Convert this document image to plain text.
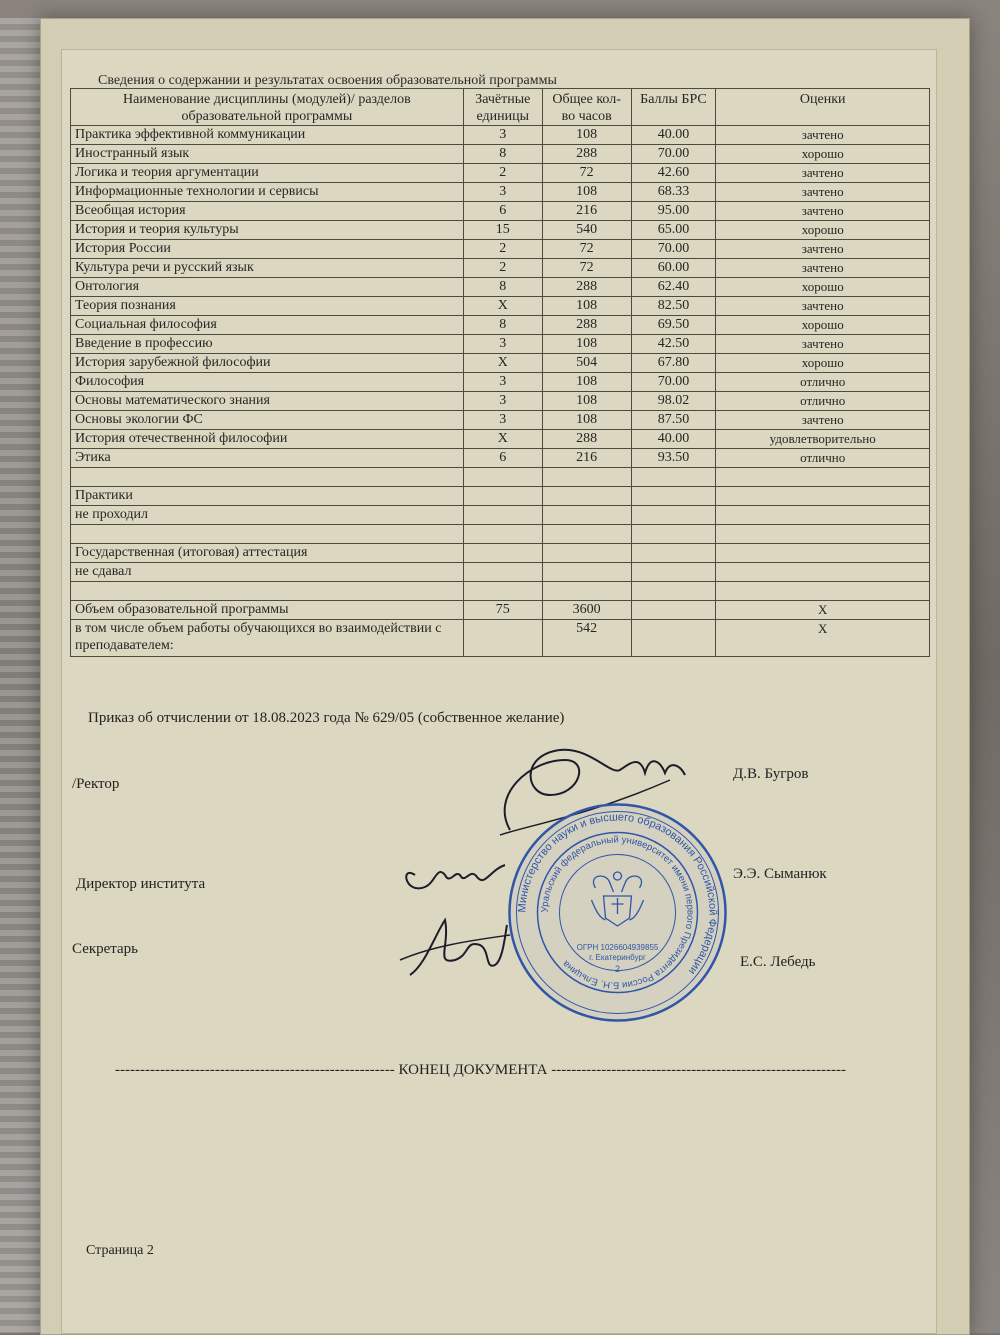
Сведения о содержании и результатах освоения образовательной программы

Наименование дисциплины (модулей)/ разделов образовательной программы	Зачётные единицы	Общее кол-во часов	Баллы БРС	Оценки
Практика эффективной коммуникации	3	108	40.00	зачтено
Иностранный язык	8	288	70.00	хорошо
Логика и теория аргументации	2	72	42.60	зачтено
Информационные технологии и сервисы	3	108	68.33	зачтено
Всеобщая история	6	216	95.00	зачтено
История и теория культуры	15	540	65.00	хорошо
История России	2	72	70.00	зачтено
Культура речи и русский язык	2	72	60.00	зачтено
Онтология	8	288	62.40	хорошо
Теория познания	X	108	82.50	зачтено
Социальная философия	8	288	69.50	хорошо
Введение в профессию	3	108	42.50	зачтено
История зарубежной философии	X	504	67.80	хорошо
Философия	3	108	70.00	отлично
Основы математического знания	3	108	98.02	отлично
Основы экологии ФС	3	108	87.50	зачтено
История отечественной философии	X	288	40.00	удовлетворительно
Этика	6	216	93.50	отлично

Практики				
не проходил				

Государственная (итоговая) аттестация				
не сдавал				

Объем образовательной программы	75	3600		X
в том числе объем работы обучающихся во взаимодействии с преподавателем:		542		X

Приказ об отчислении от 18.08.2023 года № 629/05 (собственное желание)

/Ректор

Д.В. Бугров

Директор института

Э.Э. Сыманюк

Секретарь

Е.С. Лебедь

Министерство науки и высшего образования Российской Федерации
Уральский федеральный университет имени первого Президента России Б.Н. Ельцина
ОГРН 1026604939855
г. Екатеринбург
2
-------------------------------------------------------- КОНЕЦ ДОКУМЕНТА -----------------------------------------------------------

Страница 2
